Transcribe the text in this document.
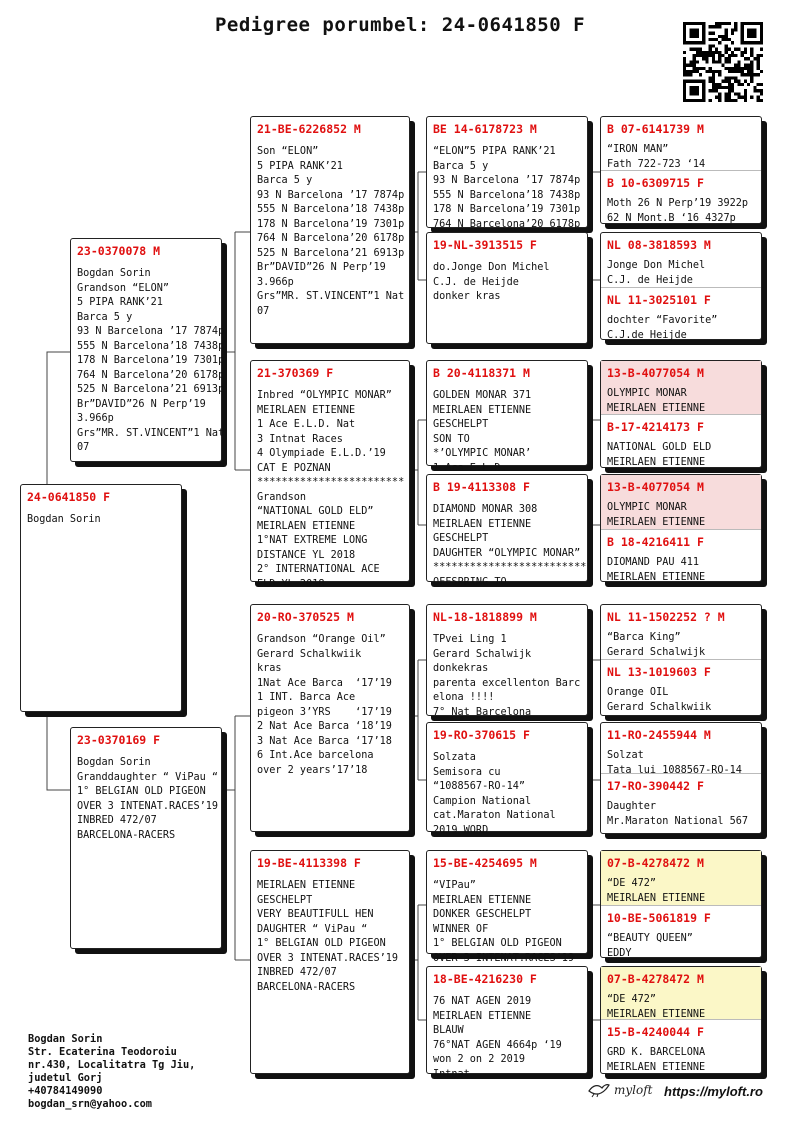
Pedigree porumbel: 24-0641850 F
24-0641850 F
Bogdan Sorin
23-0370078 M
Bogdan Sorin
Grandson “ELON”
5 PIPA RANK’21
Barca 5 y
93 N Barcelona ’17 7874p
555 N Barcelona’18 7438p
178 N Barcelona’19 7301p
764 N Barcelona’20 6178p
525 N Barcelona’21 6913p
Br”DAVID”26 N Perp’19
3.966p
Grs”MR. ST.VINCENT”1 Nat
07
23-0370169 F
Bogdan Sorin
Granddaughter “ ViPau “
1° BELGIAN OLD PIGEON
OVER 3 INTENAT.RACES’19
INBRED 472/07
BARCELONA-RACERS
21-BE-6226852 M
Son “ELON”
5 PIPA RANK’21
Barca 5 y
93 N Barcelona ’17 7874p
555 N Barcelona’18 7438p
178 N Barcelona’19 7301p
764 N Barcelona’20 6178p
525 N Barcelona’21 6913p
Br”DAVID”26 N Perp’19
3.966p
Grs”MR. ST.VINCENT”1 Nat
07
21-370369 F
Inbred “OLYMPIC MONAR”
MEIRLAEN ETIENNE
1 Ace E.L.D. Nat
3 Intnat Races
4 Olympiade E.L.D.’19
CAT E POZNAN
************************
Grandson
“NATIONAL GOLD ELD”
MEIRLAEN ETIENNE
1°NAT EXTREME LONG
DISTANCE YL 2018
2° INTERNATIONAL ACE
ELD YL 2018
20-RO-370525 M
Grandson “Orange Oil”
Gerard Schalkwiik
kras
1Nat Ace Barca  ‘17’19
1 INT. Barca Ace
pigeon 3’YRS    ‘17’19
2 Nat Ace Barca ‘18’19
3 Nat Ace Barca ‘17’18
6 Int.Ace barcelona
over 2 years’17’18
19-BE-4113398 F
MEIRLAEN ETIENNE
GESCHELPT
VERY BEAUTIFULL HEN
DAUGHTER “ ViPau “
1° BELGIAN OLD PIGEON
OVER 3 INTENAT.RACES’19
INBRED 472/07
BARCELONA-RACERS
BE 14-6178723 M
“ELON”5 PIPA RANK’21
Barca 5 y
93 N Barcelona ’17 7874p
555 N Barcelona’18 7438p
178 N Barcelona’19 7301p
764 N Barcelona’20 6178p
19-NL-3913515 F
do.Jonge Don Michel
C.J. de Heijde
donker kras
B 20-4118371 M
GOLDEN MONAR 371
MEIRLAEN ETIENNE
GESCHELPT
SON TO
*’OLYMPIC MONAR’
1 Ace E.L.D.
B 19-4113308 F
DIAMOND MONAR 308
MEIRLAEN ETIENNE
GESCHELPT
DAUGHTER “OLYMPIC MONAR”
*************************
OFFSPRING TO
NL-18-1818899 M
TPvei Ling 1
Gerard Schalwijk
donkekras
parenta excellenton Barc
elona !!!!
7° Nat Barcelona
19-RO-370615 F
Solzata
Semisora cu
“1088567-RO-14”
Campion National
cat.Maraton National
2019 WORD
15-BE-4254695 M
“VIPau”
MEIRLAEN ETIENNE
DONKER GESCHELPT
WINNER OF
1° BELGIAN OLD PIGEON
OVER 3 INTENAT.RACES’19
18-BE-4216230 F
76 NAT AGEN 2019
MEIRLAEN ETIENNE
BLAUW
76°NAT AGEN 4664p ‘19
won 2 on 2 2019
Intnat
B 07-6141739 M
“IRON MAN”
Fath 722-723 ‘14
B 10-6309715 F
Moth 26 N Perp’19 3922p
62 N Mont.B ‘16 4327p
NL 08-3818593 M
Jonge Don Michel
C.J. de Heijde
NL 11-3025101 F
dochter “Favorite”
C.J.de Heijde
13-B-4077054 M
OLYMPIC MONAR
MEIRLAEN ETIENNE
B-17-4214173 F
NATIONAL GOLD ELD
MEIRLAEN ETIENNE
13-B-4077054 M
OLYMPIC MONAR
MEIRLAEN ETIENNE
B 18-4216411 F
DIOMAND PAU 411
MEIRLAEN ETIENNE
NL 11-1502252 ? M
“Barca King”
Gerard Schalwijk
NL 13-1019603 F
Orange OIL
Gerard Schalkwiik
11-RO-2455944 M
Solzat
Tata lui 1088567-RO-14
17-RO-390442 F
Daughter
Mr.Maraton National 567
07-B-4278472 M
“DE 472”
MEIRLAEN ETIENNE
10-BE-5061819 F
“BEAUTY QUEEN”
EDDY
07-B-4278472 M
“DE 472”
MEIRLAEN ETIENNE
15-B-4240044 F
GRD K. BARCELONA
MEIRLAEN ETIENNE
Bogdan Sorin
Str. Ecaterina Teodoroiu
nr.430, Localitatra Tg Jiu,
judetul Gorj
+40784149090
bogdan_srn@yahoo.com
myloft https://myloft.ro
